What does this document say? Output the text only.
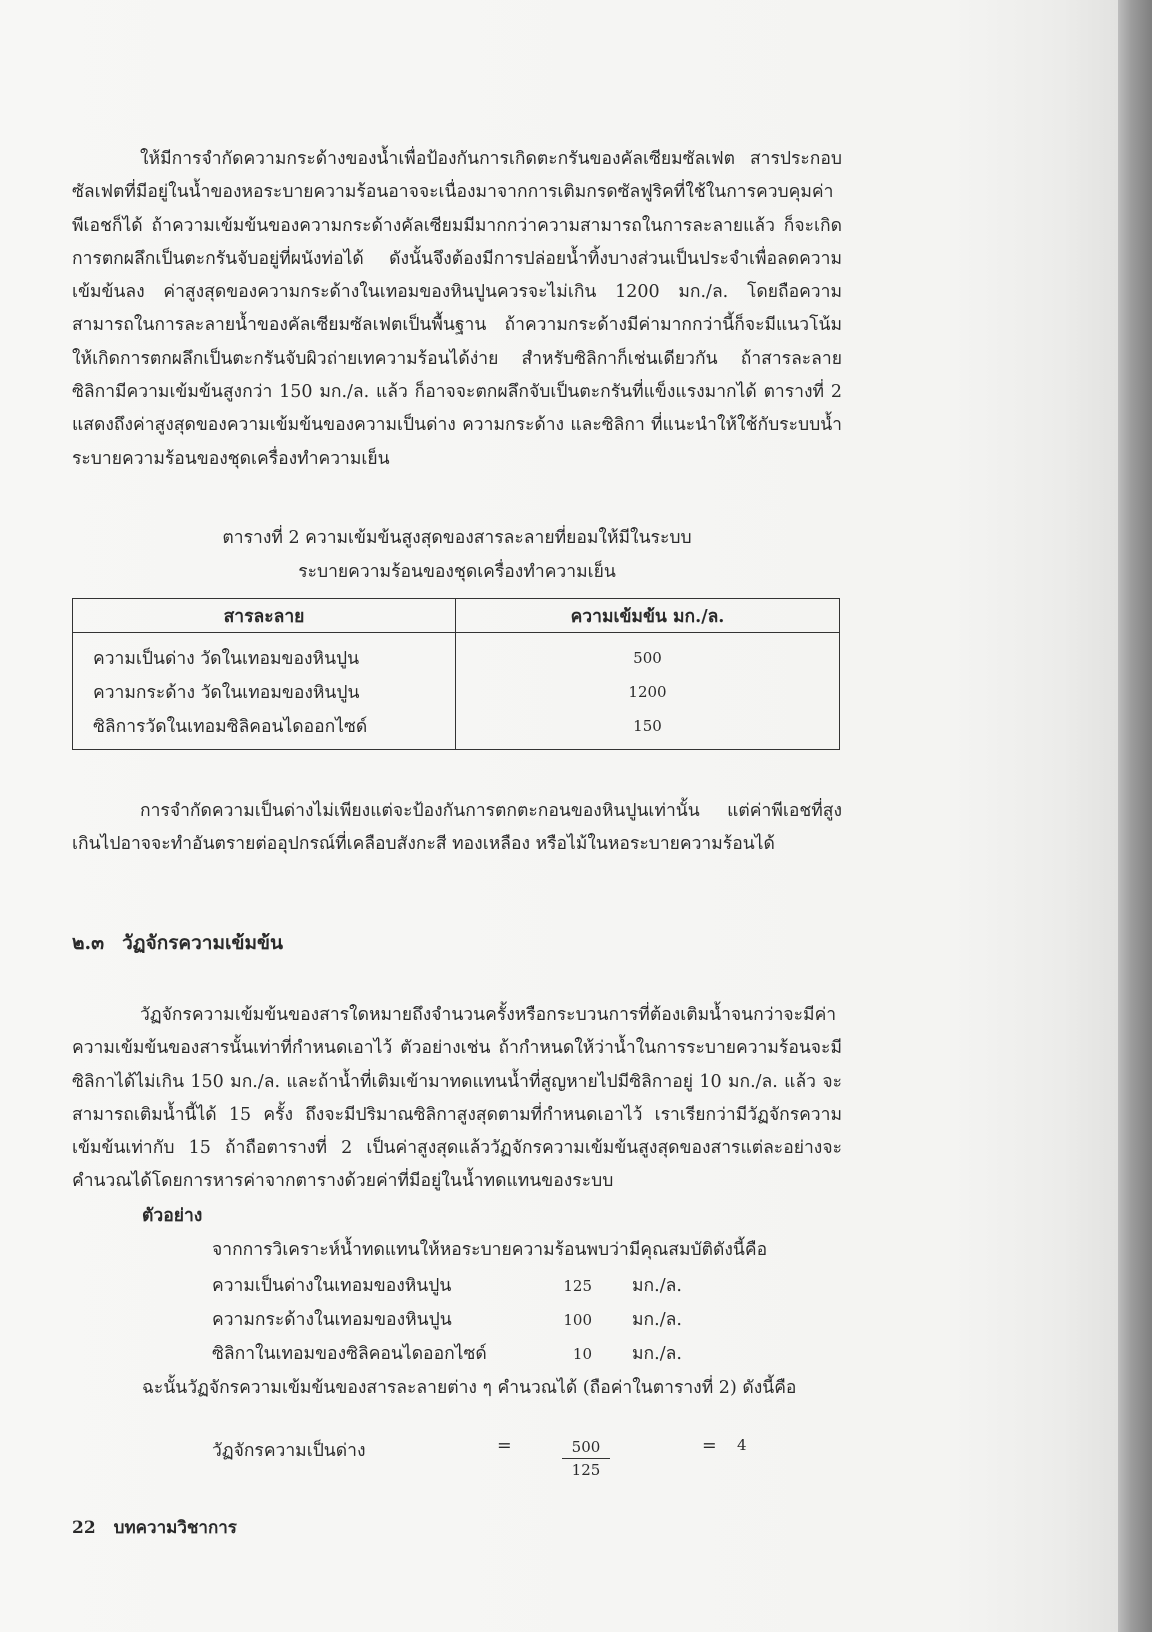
ให้มีการจำกัดความกระด้างของน้ำเพื่อป้องกันการเกิดตะกรันของคัลเซียมซัลเฟต สารประกอบซัลเฟตที่มีอยู่ในน้ำของหอระบายความร้อนอาจจะเนื่องมาจากการเติมกรดซัลฟูริคที่ใช้ในการควบคุมค่าพีเอชก็ได้ ถ้าความเข้มข้นของความกระด้างคัลเซียมมีมากกว่าความสามารถในการละลายแล้ว ก็จะเกิดการตกผลึกเป็นตะกรันจับอยู่ที่ผนังท่อได้ ดังนั้นจึงต้องมีการปล่อยน้ำทิ้งบางส่วนเป็นประจำเพื่อลดความเข้มข้นลง ค่าสูงสุดของความกระด้างในเทอมของหินปูนควรจะไม่เกิน 1200 มก./ล. โดยถือความสามารถในการละลายน้ำของคัลเซียมซัลเฟตเป็นพื้นฐาน ถ้าความกระด้างมีค่ามากกว่านี้ก็จะมีแนวโน้มให้เกิดการตกผลึกเป็นตะกรันจับผิวถ่ายเทความร้อนได้ง่าย สำหรับซิลิกาก็เช่นเดียวกัน ถ้าสารละลายซิลิกามีความเข้มข้นสูงกว่า 150 มก./ล. แล้ว ก็อาจจะตกผลึกจับเป็นตะกรันที่แข็งแรงมากได้ ตารางที่ 2 แสดงถึงค่าสูงสุดของความเข้มข้นของความเป็นด่าง ความกระด้าง และซิลิกา ที่แนะนำให้ใช้กับระบบน้ำระบายความร้อนของชุดเครื่องทำความเย็น

ตารางที่ 2 ความเข้มข้นสูงสุดของสารละลายที่ยอมให้มีในระบบ

ระบายความร้อนของชุดเครื่องทำความเย็น

สารละลาย	ความเข้มข้น มก./ล.
ความเป็นด่าง วัดในเทอมของหินปูน	500
ความกระด้าง วัดในเทอมของหินปูน	1200
ซิลิการวัดในเทอมซิลิคอนไดออกไซด์	150

การจำกัดความเป็นด่างไม่เพียงแต่จะป้องกันการตกตะกอนของหินปูนเท่านั้น แต่ค่าพีเอชที่สูงเกินไปอาจจะทำอันตรายต่ออุปกรณ์ที่เคลือบสังกะสี ทองเหลือง หรือไม้ในหอระบายความร้อนได้

๒.๓ วัฏจักรความเข้มข้น

วัฏจักรความเข้มข้นของสารใดหมายถึงจำนวนครั้งหรือกระบวนการที่ต้องเติมน้ำจนกว่าจะมีค่าความเข้มข้นของสารนั้นเท่าที่กำหนดเอาไว้ ตัวอย่างเช่น ถ้ากำหนดให้ว่าน้ำในการระบายความร้อนจะมีซิลิกาได้ไม่เกิน 150 มก./ล. และถ้าน้ำที่เติมเข้ามาทดแทนน้ำที่สูญหายไปมีซิลิกาอยู่ 10 มก./ล. แล้ว จะสามารถเติมน้ำนี้ได้ 15 ครั้ง ถึงจะมีปริมาณซิลิกาสูงสุดตามที่กำหนดเอาไว้ เราเรียกว่ามีวัฏจักรความเข้มข้นเท่ากับ 15 ถ้าถือตารางที่ 2 เป็นค่าสูงสุดแล้ววัฏจักรความเข้มข้นสูงสุดของสารแต่ละอย่างจะคำนวณได้โดยการหารค่าจากตารางด้วยค่าที่มีอยู่ในน้ำทดแทนของระบบ

ตัวอย่าง
จากการวิเคราะห์น้ำทดแทนให้หอระบายความร้อนพบว่ามีคุณสมบัติดังนี้คือ
ความเป็นด่างในเทอมของหินปูน	125 มก./ล.
ความกระด้างในเทอมของหินปูน	100 มก./ล.
ซิลิกาในเทอมของซิลิคอนไดออกไซด์	10 มก./ล.
ฉะนั้นวัฏจักรความเข้มข้นของสารละลายต่าง ๆ คำนวณได้ (ถือค่าในตารางที่ 2) ดังนี้คือ
วัฏจักรความเป็นด่าง	=	$\frac{500}{125}$	= 4
22 บทความวิชาการ
